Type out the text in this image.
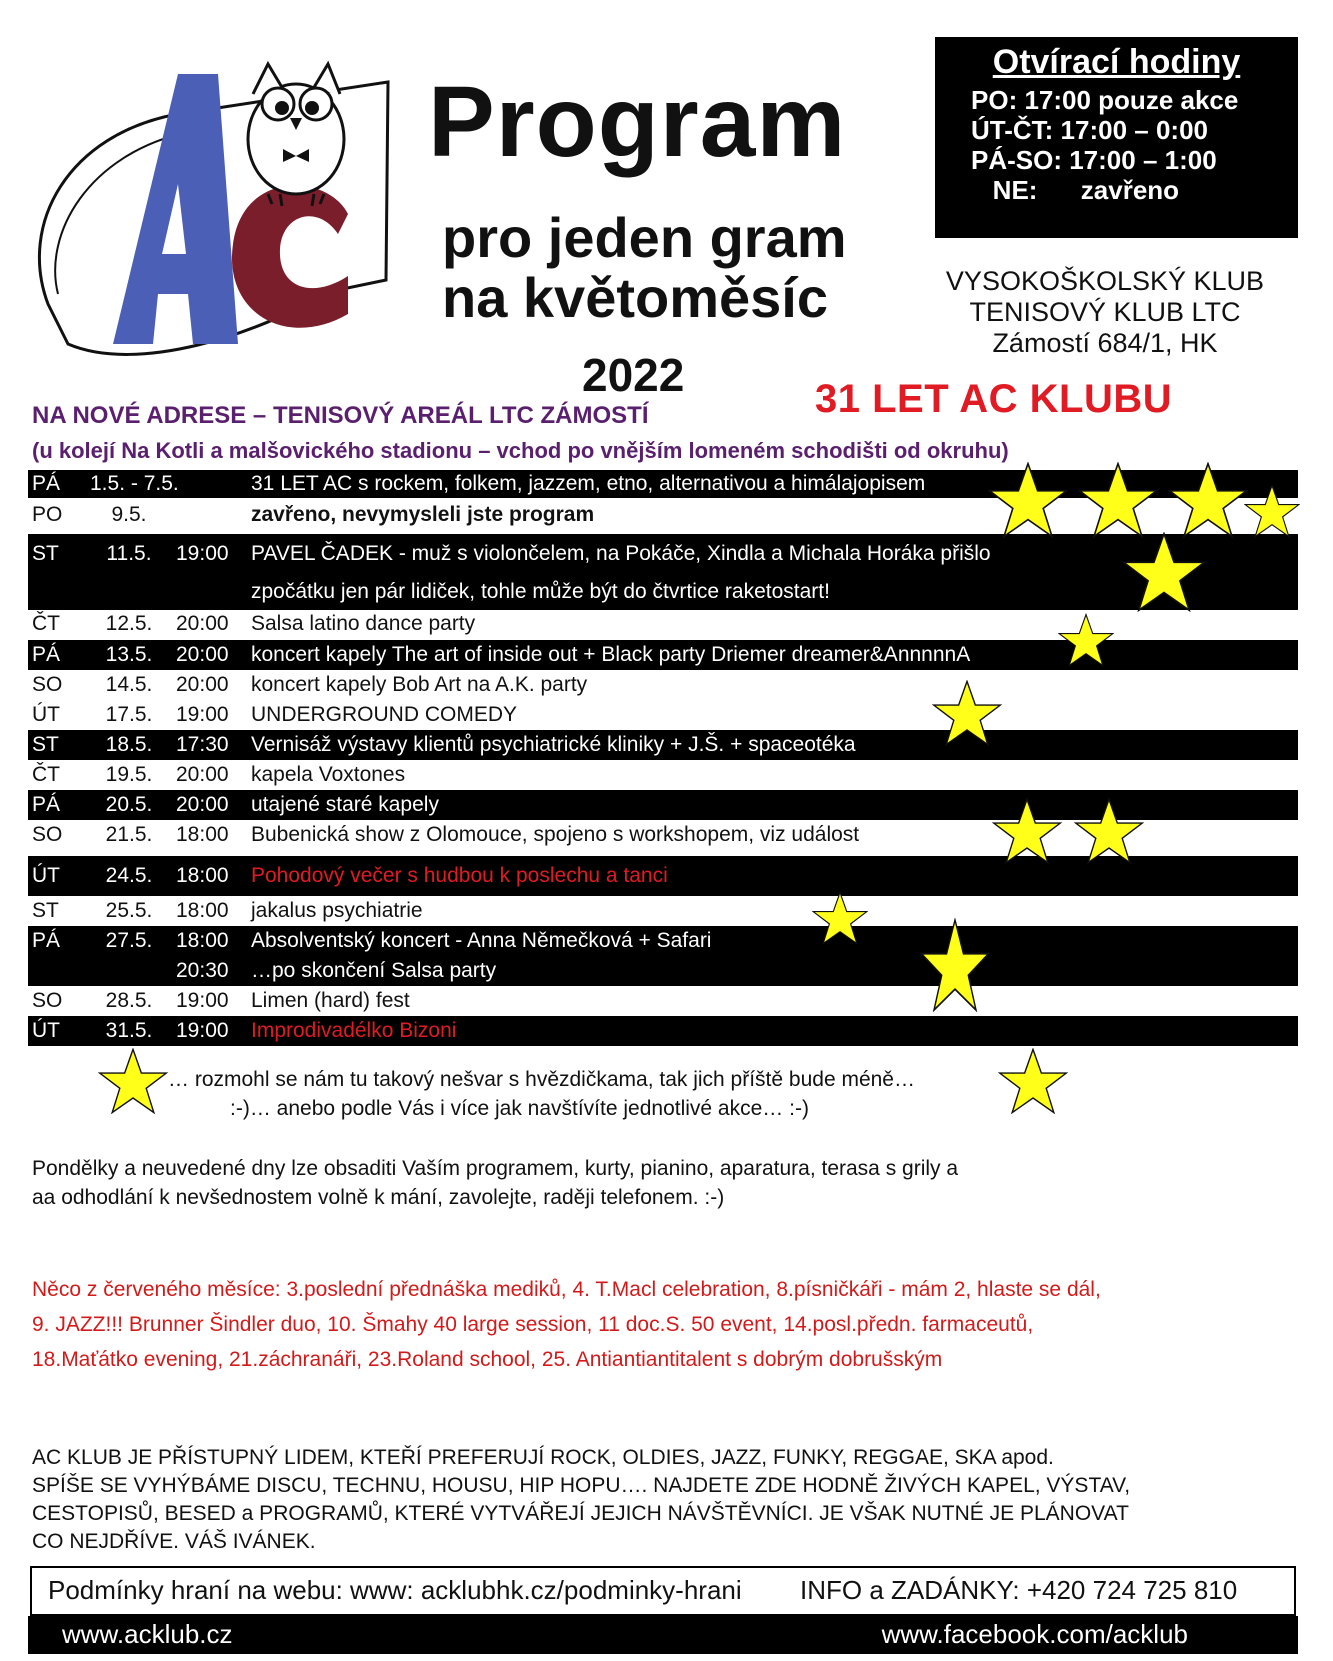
AC
Program
pro jeden gram
na květoměsíc
2022
Otvírací hodiny
PO: 17:00 pouze akce
ÚT-ČT: 17:00 – 0:00
PÁ-SO: 17:00 – 1:00
NE:      zavřeno
VYSOKOŠKOLSKÝ KLUB
TENISOVÝ KLUB LTC
Zámostí 684/1, HK
31 LET AC KLUBU
NA NOVÉ ADRESE – TENISOVÝ AREÁL LTC ZÁMOSTÍ
(u kolejí Na Kotli a malšovického stadionu – vchod po vnějším lomeném schodišti od okruhu)
PÁ 1.5. - 7.5.	31 LET AC s rockem, folkem, jazzem, etno, alternativou a himálajopisem
PO	9.5.	zavřeno, nevymysleli jste program
ST	11.5.	19:00 PAVEL ČADEK - muž s violončelem, na Pokáče, Xindla a Michala Horáka přišlo
zpočátku jen pár lidiček, tohle může být do čtvrtice raketostart!
ČT	12.5.	20:00 Salsa latino dance party
PÁ	13.5.	20:00 koncert kapely The art of inside out + Black party Driemer dreamer&AnnnnnA
SO	14.5.	20:00 koncert kapely Bob Art na A.K. party
ÚT	17.5.	19:00 UNDERGROUND COMEDY
ST	18.5.	17:30 Vernisáž výstavy klientů psychiatrické kliniky + J.Š. + spaceotéka
ČT	19.5.	20:00 kapela Voxtones
PÁ	20.5.	20:00 utajené staré kapely
SO	21.5.	18:00 Bubenická show z Olomouce, spojeno s workshopem, viz událost
ÚT	24.5.	18:00 Pohodový večer s hudbou k poslechu a tanci
ST	25.5.	18:00 jakalus psychiatrie
PÁ	27.5.	18:00 Absolventský koncert - Anna Němečková + Safari
20:30 …po skončení Salsa party
SO	28.5.	19:00 Limen (hard) fest
ÚT	31.5.	19:00 Improdivadélko Bizoni
… rozmohl se nám tu takový nešvar s hvězdičkama, tak jich příště bude méně…
:-)… anebo podle Vás i více jak navštívíte jednotlivé akce… :-)
Pondělky a neuvedené dny lze obsaditi Vaším programem, kurty, pianino, aparatura, terasa s grily a
aa odhodlání k nevšednostem volně k mání, zavolejte, raději telefonem. :-)
Něco z červeného měsíce: 3.poslední přednáška mediků, 4. T.Macl celebration, 8.písničkáři - mám 2, hlaste se dál,
9. JAZZ!!! Brunner Šindler duo, 10. Šmahy 40 large session, 11 doc.S. 50 event, 14.posl.předn. farmaceutů,
18.Maťátko evening, 21.záchranáři, 23.Roland school, 25. Antiantiantitalent s dobrým dobrušským
AC KLUB JE PŘÍSTUPNÝ LIDEM, KTEŘÍ PREFERUJÍ ROCK, OLDIES, JAZZ, FUNKY, REGGAE, SKA apod.
SPÍŠE SE VYHÝBÁME DISCU, TECHNU, HOUSU, HIP HOPU…. NAJDETE ZDE HODNĚ ŽIVÝCH KAPEL, VÝSTAV,
CESTOPISŮ, BESED a PROGRAMŮ, KTERÉ VYTVÁŘEJÍ JEJICH NÁVŠTĚVNÍCI. JE VŠAK NUTNÉ JE PLÁNOVAT
CO NEJDŘÍVE. VÁŠ IVÁNEK.
Podmínky hraní na webu: www: acklubhk.cz/podminky-hrani INFO a ZADÁNKY: +420 724 725 810
www.acklub.cz	www.facebook.com/acklub
